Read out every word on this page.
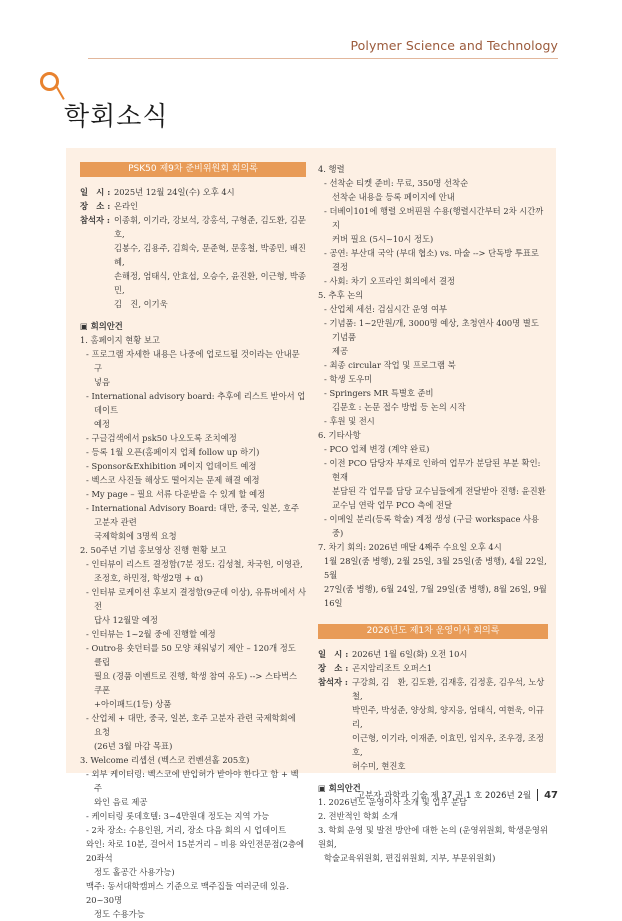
Polymer Science and Technology
학회소식
PSK50 제9차 준비위원회 회의록
일　시 : 2025년 12월 24일(수) 오후 4시
장　소 : 온라인
참석자 : 이종휘, 이기라, 강보석, 강홍석, 구형준, 김도환, 김문호,
김봉수, 김용주, 김희숙, 문준혁, 문홍철, 박종민, 배진혜,
손해정, 엄태식, 안효섭, 오승수, 윤진환, 이근형, 박종민,
김　진, 이기욱
▣ 회의안건
1. 홈페이지 현황 보고
- 프로그램 자세한 내용은 나중에 업로드될 것이라는 안내문구
넣음
- International advisory board: 추후에 리스트 받아서 업데이트
예정
- 구글검색에서 psk50 나오도록 조치예정
- 등록 1월 오픈(홈페이지 업체 follow up 하기)
- Sponsor&Exhibition 페이지 업데이트 예정
- 벡스코 사진들 해상도 떨어지는 문제 해결 예정
- My page – 필요 서류 다운받을 수 있게 할 예정
- International Advisory Board: 대만, 중국, 일본, 호주 고분자 관련
국제학회에 3명씩 요청
2. 50주년 기념 홍보영상 진행 현황 보고
- 인터뷰이 리스트 결정함(7분 정도: 김성철, 차국헌, 이영관,
조정호, 하민정, 학생2명 + α)
- 인터뷰 로케이션 후보지 결정함(9군데 이상), 유튜버에서 사전
답사 12월말 예정
- 인터뷰는 1~2월 중에 진행할 예정
- Outro용 숏던터를 50 모양 채워넣기 제안 – 120개 정도 클립
필요 (경품 이벤트로 진행, 학생 참여 유도) --> 스타벅스 쿠폰
+아이패드(1등) 상품
- 산업체 + 대만, 중국, 일본, 호주 고분자 관련 국제학회에 요청
(26년 3월 마감 목표)
3. Welcome 리셉션 (벡스코 컨벤션홀 205호)
- 외부 케이터링: 벡스코에 반입허가 받아야 한다고 함 + 벡주
와인 음료 제공
- 케이터링 롯데호텔: 3~4만원대 정도는 지역 가능
- 2차 장소: 수용인원, 거리, 장소 다음 회의 시 업데이트
와인: 차로 10분, 걸어서 15분거리 – 비용 와인전문점(2층에 20좌석
정도 홀공간 사용가능)
맥주: 동서대학캠퍼스 기준으로 맥주집들 여러군데 있음. 20~30명
정도 수용가능
4. 행렬
- 선착순 티켓 준비: 무료, 350명 선착순
선착순 내용을 등록 페이지에 안내
- 더베이101에 행렬 오버핀원 수용(행렬시간부터 2차 시간까지
커버 필요 (5시~10시 정도)
- 공연: 부산대 국악 (부대 협소) vs. 마술 --> 단독방 투표로 결정
- 사회: 차기 오프라인 회의에서 결정
5. 추후 논의
- 산업체 세션: 검심시간 운영 여부
- 기념품: 1~2만원/개, 3000명 예상, 초청연사 400명 별도 기념품
제공
- 최종 circular 작업 및 프로그램 북
- 학생 도우미
- Springers MR 특별호 준비
김문호 : 논문 접수 방법 등 논의 시작
- 후원 및 전시
6. 기타사항
- PCO 업체 변경 (계약 완료)
- 이전 PCO 담당자 부재로 인하여 업무가 분담된 부분 확인: 현재
분담된 각 업무를 담당 교수님들에게 전달받아 진행: 윤진환
교수님 연락 업무 PCO 측에 전달
- 이메일 분리(등록 학술) 계정 생성 (구글 workspace 사용중)
7. 차기 회의: 2026년 매달 4째주 수요일 오후 4시
1월 28일(줌 병행), 2월 25일, 3월 25일(줌 병행), 4월 22일, 5월
27일(줌 병행), 6월 24일, 7월 29일(줌 병행), 8월 26일, 9월 16일
2026년도 제1차 운영이사 회의록
일　시 : 2026년 1월 6일(화) 오전 10시
장　소 : 곤지암리조트 오퍼스1
참석자 : 구강희, 김　환, 김도환, 김재홍, 김정훈, 김우석, 노상철,
박민주, 박성준, 양상희, 양지응, 엄태식, 여현욱, 이규리,
이근형, 이기라, 이재준, 이효민, 임지우, 조우경, 조정호,
허수미, 현진호
▣ 회의안건
1. 2026년도 운영이사 소개 및 업무 분담
2. 전반적인 학회 소개
3. 학회 운영 및 발전 방안에 대한 논의 (운영위원회, 학생운영위원회,
학술교육위원회, 편집위원회, 지부, 부문위원회)
고분자 과학과 기술 제 37 권 1 호 2026년 2월 47
